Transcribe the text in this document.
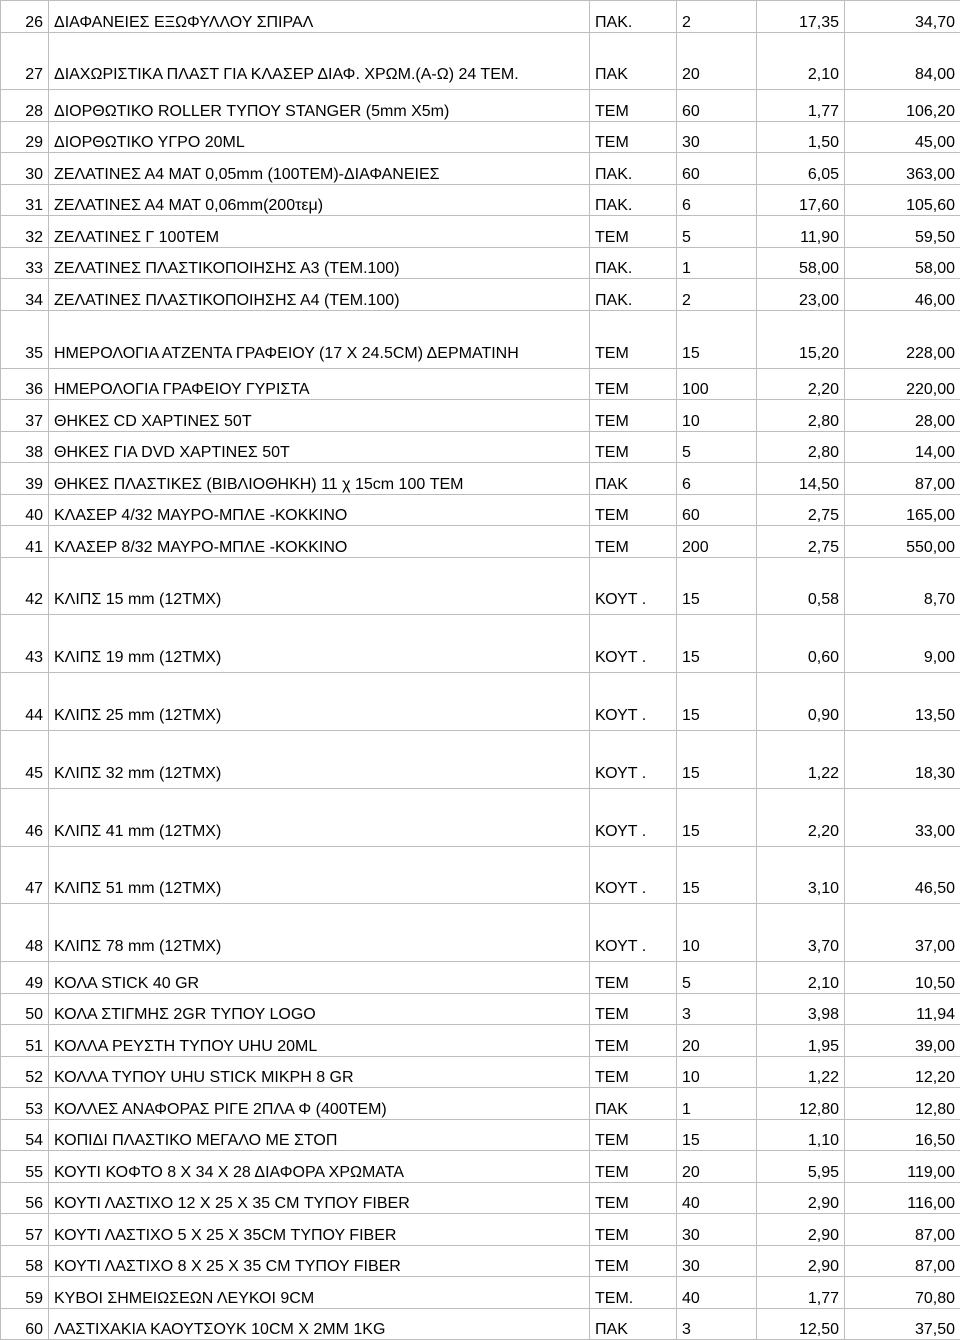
26	ΔΙΑΦΑΝΕΙΕΣ ΕΞΩΦΥΛΛΟΥ ΣΠΙΡΑΛ	ΠΑΚ.	2	17,35	34,70
27	ΔΙΑΧΩΡΙΣΤΙΚΑ ΠΛΑΣΤ ΓΙΑ ΚΛΑΣΕΡ ΔΙΑΦ. ΧΡΩΜ.(Α-Ω) 24 ΤΕΜ.	ΠΑΚ	20	2,10	84,00
28	ΔΙΟΡΘΩΤΙΚΟ ROLLER ΤΥΠΟΥ STANGER (5mm X5m)	ΤΕΜ	60	1,77	106,20
29	ΔΙΟΡΘΩΤΙΚΟ ΥΓΡΟ 20ML	ΤΕΜ	30	1,50	45,00
30	ΖΕΛΑΤΙΝΕΣ Α4 ΜΑΤ 0,05mm (100ΤΕΜ)-ΔΙΑΦΑΝΕΙΕΣ	ΠΑΚ.	60	6,05	363,00
31	ΖΕΛΑΤΙΝΕΣ Α4 ΜΑΤ 0,06mm(200τεμ)	ΠΑΚ.	6	17,60	105,60
32	ΖΕΛΑΤΙΝΕΣ Γ 100ΤΕΜ	ΤΕΜ	5	11,90	59,50
33	ΖΕΛΑΤΙΝΕΣ ΠΛΑΣΤΙΚΟΠΟΙΗΣΗΣ Α3 (ΤΕΜ.100)	ΠΑΚ.	1	58,00	58,00
34	ΖΕΛΑΤΙΝΕΣ ΠΛΑΣΤΙΚΟΠΟΙΗΣΗΣ Α4 (ΤΕΜ.100)	ΠΑΚ.	2	23,00	46,00
35	ΗΜΕΡΟΛΟΓΙΑ ΑΤΖΕΝΤΑ ΓΡΑΦΕΙΟΥ (17 Χ 24.5CM) ΔΕΡΜΑΤΙΝΗ	ΤΕΜ	15	15,20	228,00
36	ΗΜΕΡΟΛΟΓΙΑ ΓΡΑΦΕΙΟΥ ΓΥΡΙΣΤΑ	ΤΕΜ	100	2,20	220,00
37	ΘΗΚΕΣ CD ΧΑΡΤΙΝΕΣ 50Τ	ΤΕΜ	10	2,80	28,00
38	ΘΗΚΕΣ ΓΙΑ DVD ΧΑΡΤΙΝΕΣ 50Τ	ΤΕΜ	5	2,80	14,00
39	ΘΗΚΕΣ ΠΛΑΣΤΙΚΕΣ (ΒΙΒΛΙΟΘΗΚΗ) 11 χ 15cm 100 ΤΕΜ	ΠΑΚ	6	14,50	87,00
40	ΚΛΑΣΕΡ 4/32 ΜΑΥΡΟ-ΜΠΛΕ -ΚΟΚΚΙΝΟ	ΤΕΜ	60	2,75	165,00
41	ΚΛΑΣΕΡ 8/32 ΜΑΥΡΟ-ΜΠΛΕ -ΚΟΚΚΙΝΟ	ΤΕΜ	200	2,75	550,00
42	ΚΛΙΠΣ 15 mm (12ΤΜΧ)	ΚΟΥΤ .	15	0,58	8,70
43	ΚΛΙΠΣ 19 mm (12ΤΜΧ)	ΚΟΥΤ .	15	0,60	9,00
44	ΚΛΙΠΣ 25 mm (12ΤΜΧ)	ΚΟΥΤ .	15	0,90	13,50
45	ΚΛΙΠΣ 32 mm (12ΤΜΧ)	ΚΟΥΤ .	15	1,22	18,30
46	ΚΛΙΠΣ 41 mm (12ΤΜΧ)	ΚΟΥΤ .	15	2,20	33,00
47	ΚΛΙΠΣ 51 mm (12ΤΜΧ)	ΚΟΥΤ .	15	3,10	46,50
48	ΚΛΙΠΣ 78 mm (12ΤΜΧ)	ΚΟΥΤ .	10	3,70	37,00
49	ΚΟΛΑ STICK 40 GR	ΤΕΜ	5	2,10	10,50
50	ΚΟΛΑ ΣΤΙΓΜΗΣ 2GR ΤΥΠΟΥ LOGO	ΤΕΜ	3	3,98	11,94
51	ΚΟΛΛΑ ΡΕΥΣΤΗ ΤΥΠΟΥ UHU 20ML	ΤΕΜ	20	1,95	39,00
52	ΚΟΛΛΑ ΤΥΠΟΥ UHU STICK ΜΙΚΡΗ 8 GR	ΤΕΜ	10	1,22	12,20
53	ΚΟΛΛΕΣ ΑΝΑΦΟΡΑΣ ΡΙΓΕ 2ΠΛΑ Φ (400ΤΕΜ)	ΠΑΚ	1	12,80	12,80
54	ΚΟΠΙΔΙ ΠΛΑΣΤΙΚΟ ΜΕΓΑΛΟ ΜΕ ΣΤΟΠ	ΤΕΜ	15	1,10	16,50
55	ΚΟΥΤΙ ΚΟΦΤΟ 8 Χ 34 Χ 28 ΔΙΑΦΟΡΑ ΧΡΩΜΑΤΑ	ΤΕΜ	20	5,95	119,00
56	ΚΟΥΤΙ ΛΑΣΤΙΧΟ 12 Χ 25 Χ 35 CM ΤΥΠΟΥ FIBER	ΤΕΜ	40	2,90	116,00
57	ΚΟΥΤΙ ΛΑΣΤΙΧΟ 5 Χ 25 Χ 35CM ΤΥΠΟΥ FIBER	ΤΕΜ	30	2,90	87,00
58	ΚΟΥΤΙ ΛΑΣΤΙΧΟ 8 Χ 25 Χ 35 CM ΤΥΠΟΥ FIBER	ΤΕΜ	30	2,90	87,00
59	ΚΥΒΟΙ ΣΗΜΕΙΩΣΕΩΝ ΛΕΥΚΟΙ 9CM	ΤΕΜ.	40	1,77	70,80
60	ΛΑΣΤΙΧΑΚΙΑ ΚΑΟΥΤΣΟΥΚ 10CM Χ 2ΜΜ 1KG	ΠΑΚ	3	12,50	37,50
